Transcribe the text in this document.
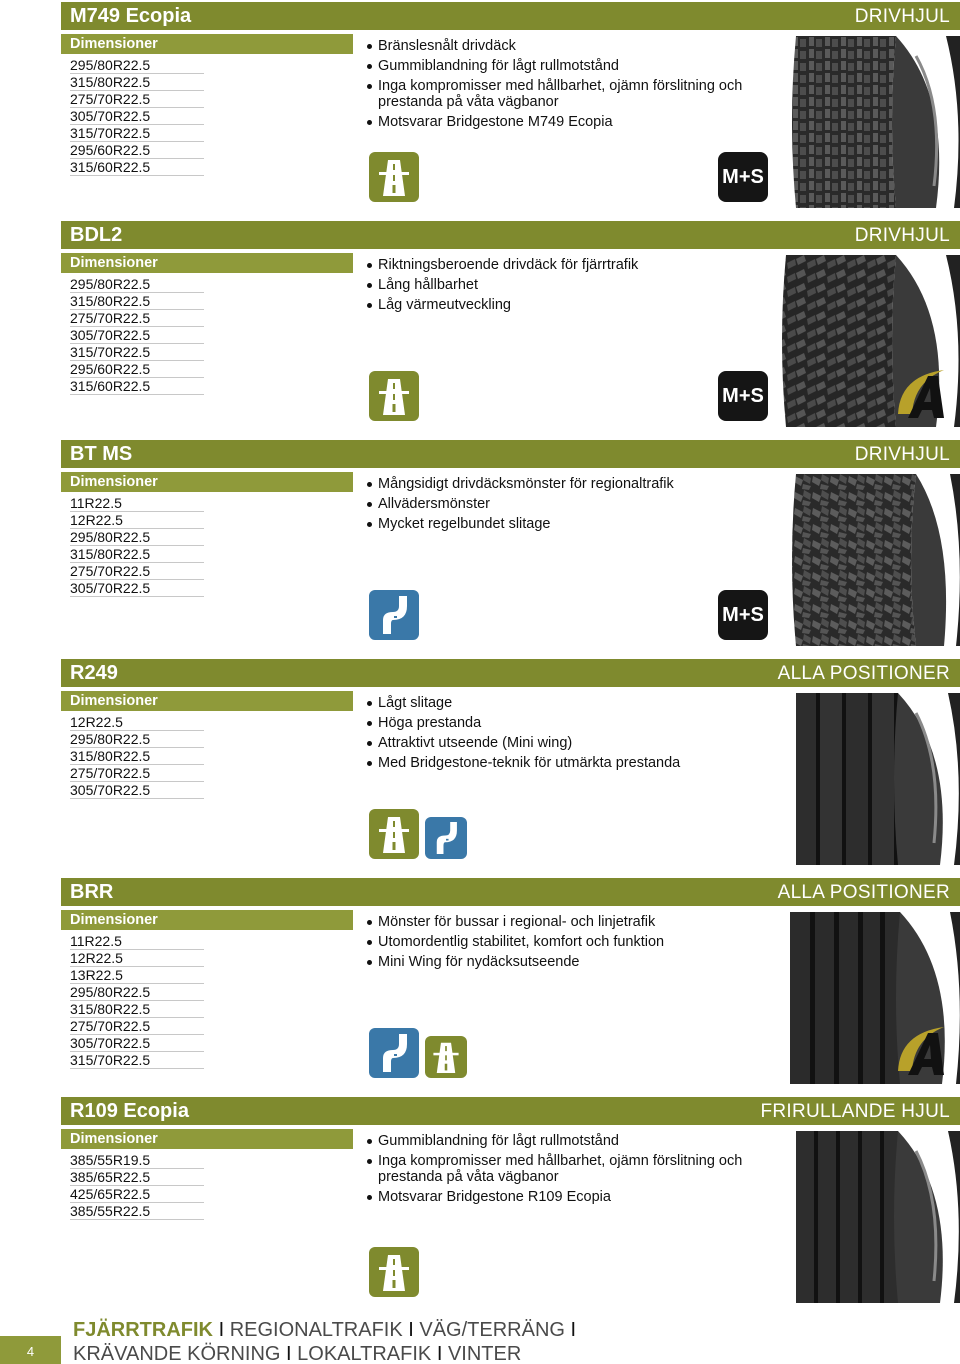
M749 Ecopia	DRIVHJUL
Dimensioner
295/80R22.5
315/80R22.5
275/70R22.5
305/70R22.5
315/70R22.5
295/60R22.5
315/60R22.5
Bränslesnålt drivdäck
Gummiblandning för lågt rullmotstånd
Inga kompromisser med hållbarhet, ojämn förslitning och prestanda på våta vägbanor
Motsvarar Bridgestone M749 Ecopia
M+S
BDL2	DRIVHJUL
Dimensioner
295/80R22.5
315/80R22.5
275/70R22.5
305/70R22.5
315/70R22.5
295/60R22.5
315/60R22.5
Riktningsberoende drivdäck för fjärrtrafik
Lång hållbarhet
Låg värmeutveckling
M+S
BT MS	DRIVHJUL
Dimensioner
11R22.5
12R22.5
295/80R22.5
315/80R22.5
275/70R22.5
305/70R22.5
Mångsidigt drivdäcksmönster för regionaltrafik
Allvädersmönster
Mycket regelbundet slitage
M+S
R249	ALLA POSITIONER
Dimensioner
12R22.5
295/80R22.5
315/80R22.5
275/70R22.5
305/70R22.5
Lågt slitage
Höga prestanda
Attraktivt utseende (Mini wing)
Med Bridgestone-teknik för utmärkta prestanda
BRR	ALLA POSITIONER
Dimensioner
11R22.5
12R22.5
13R22.5
295/80R22.5
315/80R22.5
275/70R22.5
305/70R22.5
315/70R22.5
Mönster för bussar i regional- och linjetrafik
Utomordentlig stabilitet, komfort och funktion
Mini Wing för nydäcksutseende
R109 Ecopia	FRIRULLANDE HJUL
Dimensioner
385/55R19.5
385/65R22.5
425/65R22.5
385/55R22.5
Gummiblandning för lågt rullmotstånd
Inga kompromisser med hållbarhet, ojämn förslitning och prestanda på våta vägbanor
Motsvarar Bridgestone R109 Ecopia
4
FJÄRRTRAFIK I REGIONALTRAFIK I VÄG/TERRÄNG I
KRÄVANDE KÖRNING I LOKALTRAFIK I VINTER
